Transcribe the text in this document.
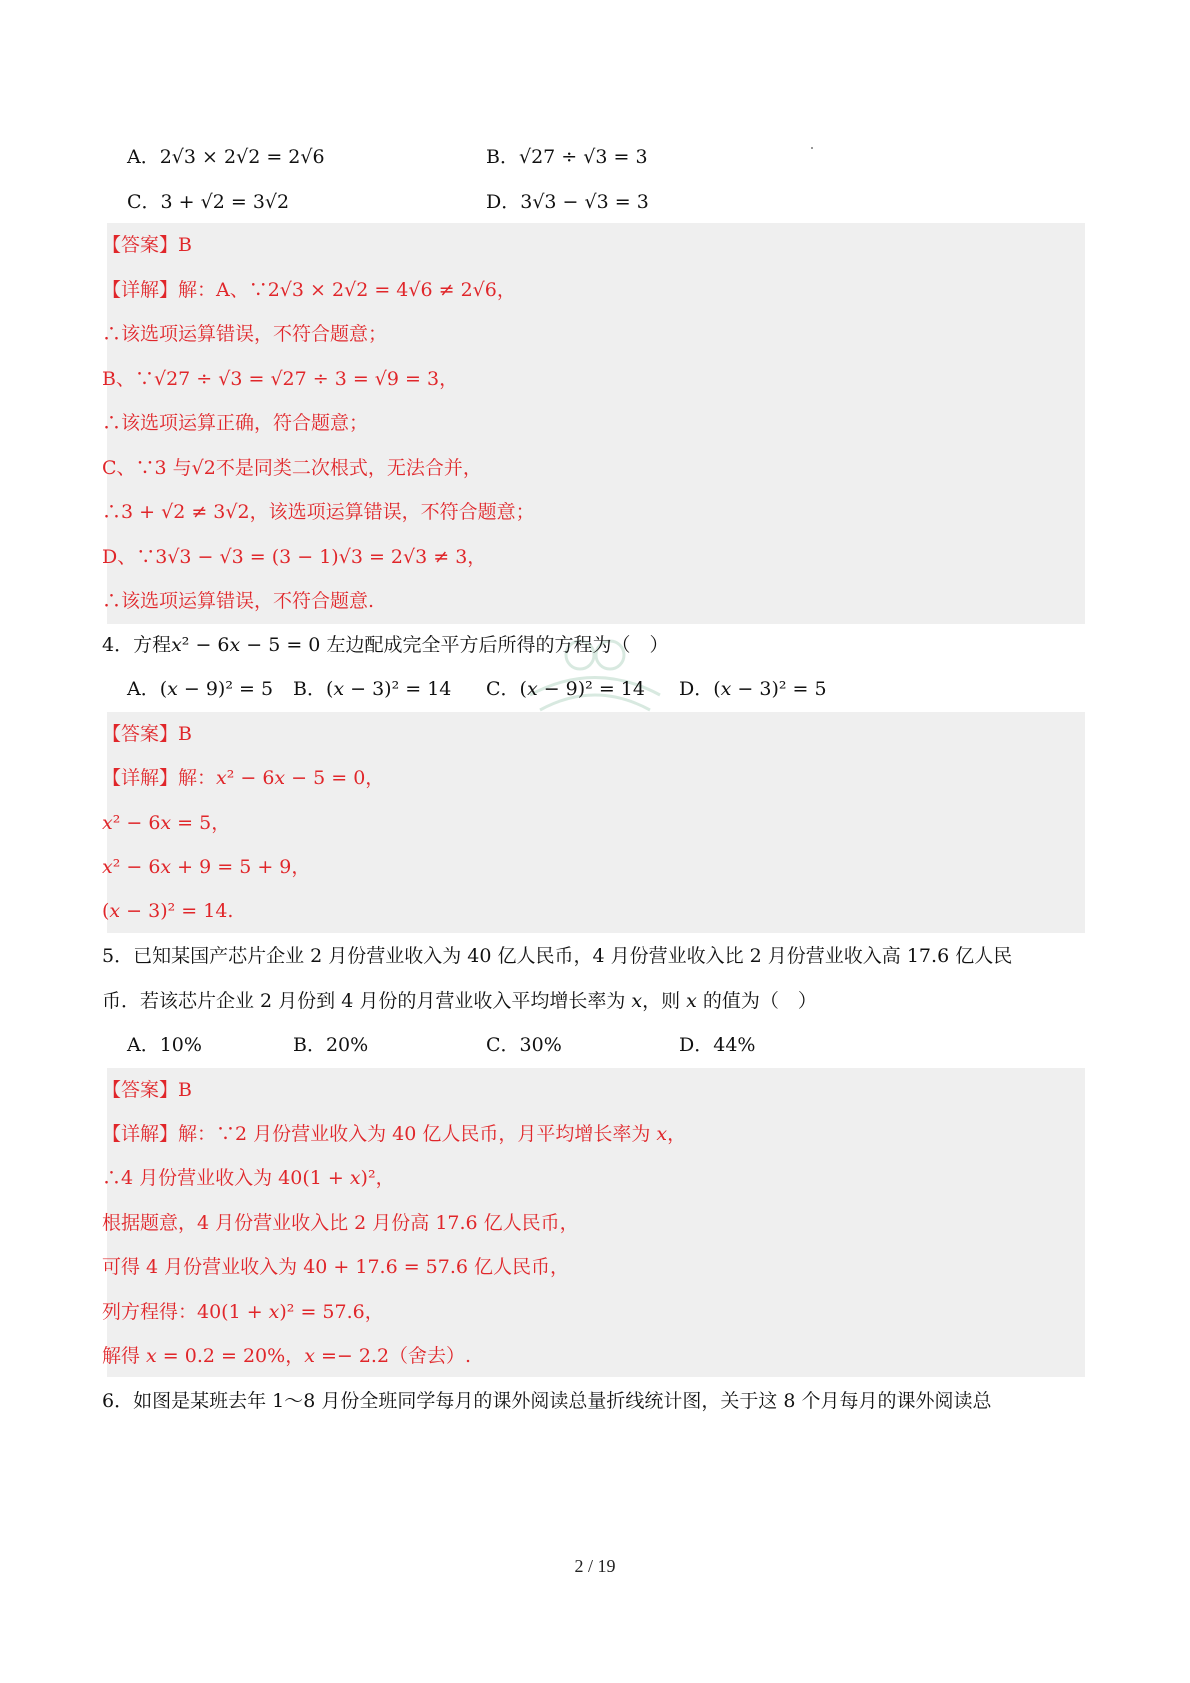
A．2√3 × 2√2 = 2√6	B．√27 ÷ √3 = 3
C．3 + √2 = 3√2	D．3√3 − √3 = 3
【答案】B
【详解】解：A、∵2√3 × 2√2 = 4√6 ≠ 2√6，
∴该选项运算错误，不符合题意；
B、∵√27 ÷ √3 = √27 ÷ 3 = √9 = 3，
∴该选项运算正确，符合题意；
C、∵3 与√2不是同类二次根式，无法合并，
∴3 + √2 ≠ 3√2，该选项运算错误，不符合题意；
D、∵3√3 − √3 = (3 − 1)√3 = 2√3 ≠ 3，
∴该选项运算错误，不符合题意.
4．方程𝑥² − 6𝑥 − 5 = 0 左边配成完全平方后所得的方程为（　）
A．(𝑥 − 9)² = 5 B．(𝑥 − 3)² = 14 C．(𝑥 − 9)² = 14 D．(𝑥 − 3)² = 5
【答案】B
【详解】解：𝑥² − 6𝑥 − 5 = 0，
𝑥² − 6𝑥 = 5，
𝑥² − 6𝑥 + 9 = 5 + 9，
(𝑥 − 3)² = 14.
5．已知某国产芯片企业 2 月份营业收入为 40 亿人民币，4 月份营业收入比 2 月份营业收入高 17.6 亿人民
币．若该芯片企业 2 月份到 4 月份的月营业收入平均增长率为 𝑥，则 𝑥 的值为（　）
A．10%	B．20%	C．30%	D．44%
【答案】B
【详解】解：∵2 月份营业收入为 40 亿人民币，月平均增长率为 𝑥，
∴4 月份营业收入为 40(1 + 𝑥)²，
根据题意，4 月份营业收入比 2 月份高 17.6 亿人民币，
可得 4 月份营业收入为 40 + 17.6 = 57.6 亿人民币，
列方程得：40(1 + 𝑥)² = 57.6，
解得 𝑥 = 0.2 = 20%，𝑥 =− 2.2（舍去）.
6．如图是某班去年 1～8 月份全班同学每月的课外阅读总量折线统计图，关于这 8 个月每月的课外阅读总
2 / 19
